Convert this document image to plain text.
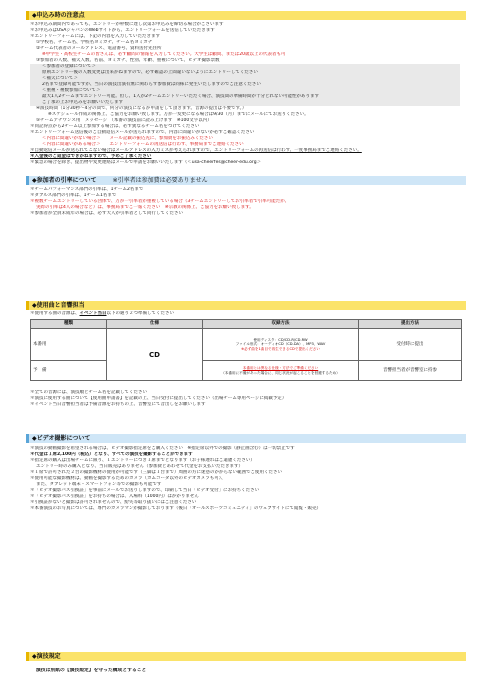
◆申込み時の注意点
＊お申込み期間内であっても、エントリーが枠数に達し次第お申込みを締切る場合がございます
＊お申込みはUSAジャパンのWebサイトから、エントリーフォームを送信していただきます
＊エントリーフォームには、下記の内容を入力していただきます
①学校名、チーム名、学校名ヨミガナ、チーム名ヨミガナ
②チーム代表者のメールアドレス、電話番号、資料送付先住所
※中学生・高校生チームの皆さんは、必ず顧問の情報を入力してください。大学生は顧問、または20歳以上の代表者も可
③参加者の人数、補欠人数、名前、ヨミガナ、性別、年齢、重複について、ビデオ撮影票数
＜参加者の登録について＞
原則エントリー後の人数変更は出来かねますので、必ず確認の上間違いないようにエントリーしてください
＜補欠について＞
2名まで登録可能ですが、当日の演技出演有無に関わらず参加費は同様に発生いたしますのでご注意ください
＜重複・複数参加について＞
最大1人2チームまでエントリー可能。但し、1人が2チームエントリーいただく場合、演技間の準備時間が十分とれない可能性があります
ご了承の上お申込みをお願いいたします
④演技時間（1分30秒〜4分の間で、何分の演技になるか申請をして頂きます。音源の提出は不要です。）
※スケジュール作成の関係上、ご協力をお願い致します。万が一変更になる場合は9/30（月）までにメールにてお送りください。
⑤チームアナウンス用　メッセージ　（本番の演技前に読み上げます　※100文字以内）
＊同記得点から2チーム以上参加する場合は、必ず異なるチーム名をつけてください
＊エントリーフォーム送信後のご自動返信メールが送られますので、内容に間違いがないか必ずご確認ください
＜内容に間違いがない場合＞　　メール記載の振込先に、参加費をお振込みください
＜内容に間違いがある場合＞　　エントリーフォームの再送信は行わず、事務局までご連絡ください
＊自動返信メールが送られてこない場合はメールアドレスの入力ミスが考えられますので、エントリーフォームの再送信は行わず、一度事務局までご連絡ください。
＊入金後のご返金はできかねますので、予めご了承ください
＊緊急の場合を除き、提出物や変更連絡はメールで申請をお願いいたします（＜usa-cheerfes@cheer-edu.org＞
◆参加者の引率について	※引率者は参加費は必要ありません
＊チームパフォーマンス部門の引率は、1チーム2名まで
＊ダブルス部門の引率は、1チーム1名まで
＊複数チームエントリーしている団体で、万が一引率者が重複している場合（3チームエントリーしてお引率者で引率可能だが、
実際の引率は4人の場合など）は、事務局までご一報ください　※宗教の関係上、ご協力をお願い致します。
＊参加者が全員未成年の場合は、必ず大人が引率者として同行してください
◆使用曲と音響担当
＊使用する曲の音源は、イベント当日以下の通り２つ準備してください
種類	仕様	収録方法	提出方法
本番用	CD	使用ディスク：CD/CD-R/CD-RW
ファイル形式：オーディオCD（CD-DA）、MP3、WAV
※必ず曲を1曲目で再生できるCDで提出ください	受付時に提出
予　備		本番用とは異なる仕様・方法でご準備ください
（本番用に不備があった場合に、同じ状況が起こることを回避するため）	音響担当者が音響室に持参
＊全ての音源には、演技順とチーム名を記載してください
＊演技に使用する曲について【使用曲申請書】を記載の上、当日受付に提出してください（出場チーム専用ページに掲載予定）
＊イベント当日音響担当者は予備音源をお持ちの上、音響室にて音出しをお願いします
◆ビデオ撮影について
＊演技の動画撮影を希望される場合は、ビデオ撮影指定席をご購入ください　※指定席以外での撮影（静止画含む）は一切禁止です
＊代金は１席2,100円（税込）となり、すべての演技を撮影することができます
＊指定席の購入は出場チームに限り、１エントリーにつき１席までとなります（お子様連れはご遠慮ください）
エントリー時のみ購入となり、当日販売はありません（参加費とあわせて代金をお支払いただきます）
＊１席で許可された２台の撮影機材の使用が可能です（三脚は１台まで）周囲の方に迷惑のかからない範囲でご使用ください
＊使用可能な撮影機材は、動画を撮影するためのカメラ（カムコーダ以外のビデオカメラも可）、
また、タブレット端末・スマートフォン等での撮影も可能です
＊「ビデオ撮影パス引換証」を事前にメールでお送りしますので、印刷して当日「ビデオ受付」にお持ちください
＊「ビデオ撮影パス引換証」をお持ちの場合は、入場料（1000円）はかかりません
＊引換証がないと撮影は許可されませんので、紛失等取り扱いにはご注意ください
＊本番演技のお写真については、専門のカメラマンが撮影しております（後日「オールスポーツコミュニティ」のウェブサイトにて閲覧・販売）
◆演技規定
演技は別紙の【演技規定】を守った構成とすること
